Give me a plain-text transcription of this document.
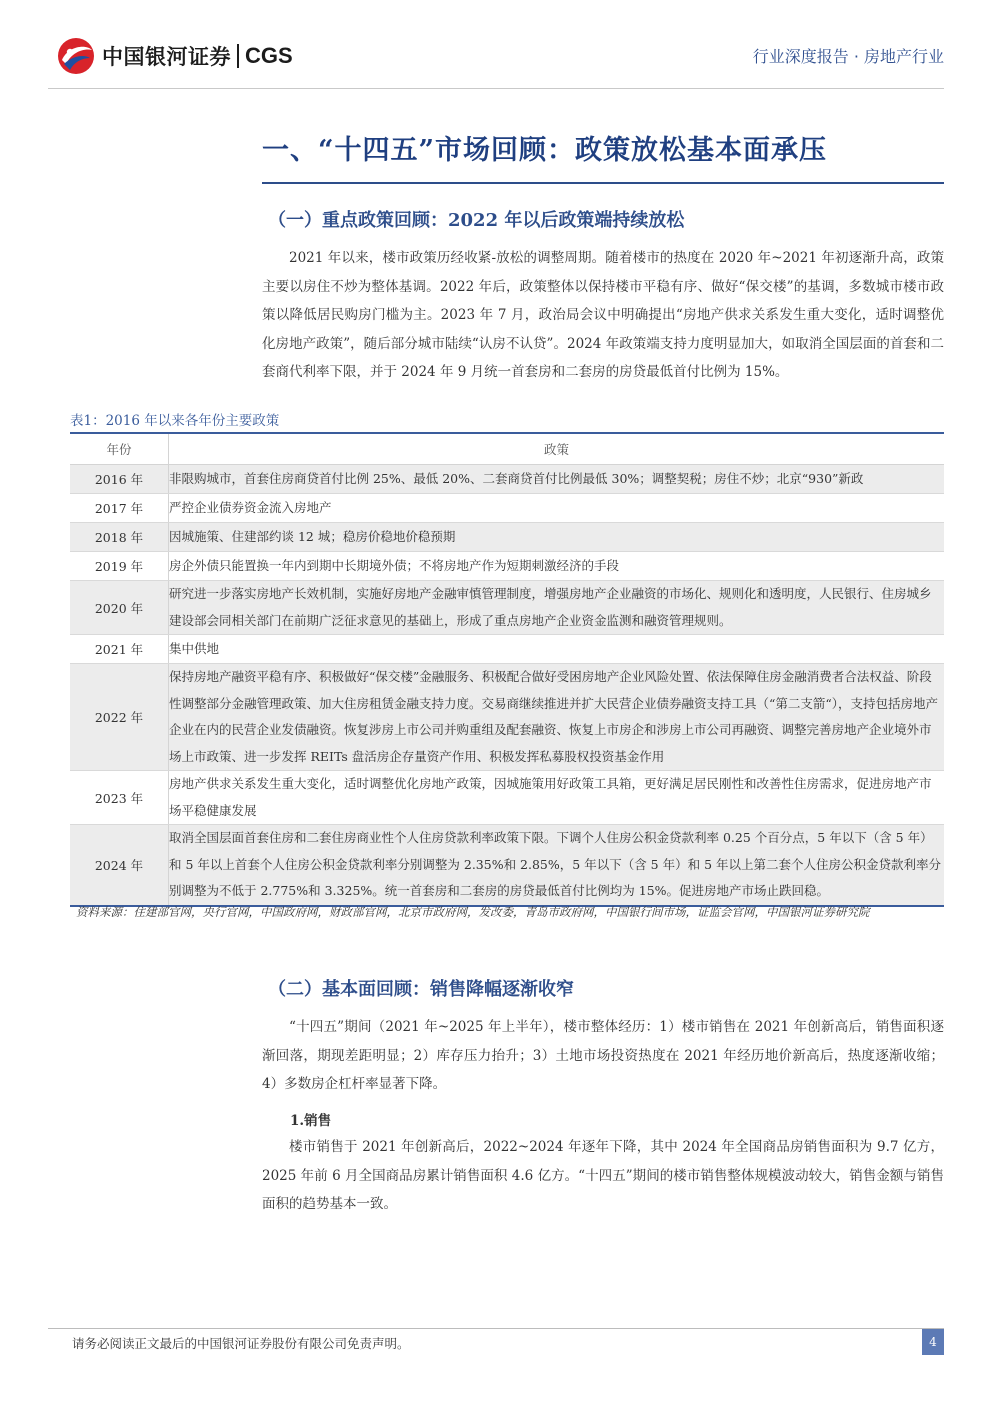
中国银河证券 CGS	行业深度报告 · 房地产行业
一、“十四五”市场回顾：政策放松基本面承压
（一）重点政策回顾：2022 年以后政策端持续放松

2021 年以来，楼市政策历经收紧-放松的调整周期。随着楼市的热度在 2020 年~2021 年初逐渐升高，政策主要以房住不炒为整体基调。2022 年后，政策整体以保持楼市平稳有序、做好“保交楼”的基调，多数城市楼市政策以降低居民购房门槛为主。2023 年 7 月，政治局会议中明确提出“房地产供求关系发生重大变化，适时调整优化房地产政策”，随后部分城市陆续“认房不认贷”。2024 年政策端支持力度明显加大，如取消全国层面的首套和二套商代利率下限，并于 2024 年 9 月统一首套房和二套房的房贷最低首付比例为 15%。

表1：2016 年以来各年份主要政策
年份	政策
2016 年	非限购城市，首套住房商贷首付比例 25%、最低 20%、二套商贷首付比例最低 30%；调整契税；房住不炒；北京“930”新政
2017 年	严控企业债券资金流入房地产
2018 年	因城施策、住建部约谈 12 城；稳房价稳地价稳预期
2019 年	房企外债只能置换一年内到期中长期境外债；不将房地产作为短期刺激经济的手段
2020 年	研究进一步落实房地产长效机制，实施好房地产金融审慎管理制度，增强房地产企业融资的市场化、规则化和透明度，人民银行、住房城乡建设部会同相关部门在前期广泛征求意见的基础上，形成了重点房地产企业资金监测和融资管理规则。
2021 年	集中供地
2022 年	保持房地产融资平稳有序、积极做好“保交楼”金融服务、积极配合做好受困房地产企业风险处置、依法保障住房金融消费者合法权益、阶段性调整部分金融管理政策、加大住房租赁金融支持力度。交易商继续推进并扩大民营企业债券融资支持工具（“第二支箭“），支持包括房地产企业在内的民营企业发债融资。恢复涉房上市公司并购重组及配套融资、恢复上市房企和涉房上市公司再融资、调整完善房地产企业境外市场上市政策、进一步发挥 REITs 盘活房企存量资产作用、积极发挥私募股权投资基金作用
2023 年	房地产供求关系发生重大变化，适时调整优化房地产政策，因城施策用好政策工具箱，更好满足居民刚性和改善性住房需求，促进房地产市场平稳健康发展
2024 年	取消全国层面首套住房和二套住房商业性个人住房贷款利率政策下限。下调个人住房公积金贷款利率 0.25 个百分点，5 年以下（含 5 年）和 5 年以上首套个人住房公积金贷款利率分别调整为 2.35%和 2.85%，5 年以下（含 5 年）和 5 年以上第二套个人住房公积金贷款利率分别调整为不低于 2.775%和 3.325%。统一首套房和二套房的房贷最低首付比例均为 15%。促进房地产市场止跌回稳。
资料来源：住建部官网，央行官网，中国政府网，财政部官网，北京市政府网，发改委，青岛市政府网，中国银行间市场，证监会官网，中国银河证券研究院
（二）基本面回顾：销售降幅逐渐收窄

“十四五”期间（2021 年~2025 年上半年），楼市整体经历：1）楼市销售在 2021 年创新高后，销售面积逐渐回落，期现差距明显；2）库存压力抬升；3）土地市场投资热度在 2021 年经历地价新高后，热度逐渐收缩；4）多数房企杠杆率显著下降。

1.销售

楼市销售于 2021 年创新高后，2022~2024 年逐年下降，其中 2024 年全国商品房销售面积为 9.7 亿方，2025 年前 6 月全国商品房累计销售面积 4.6 亿方。“十四五”期间的楼市销售整体规模波动较大，销售金额与销售面积的趋势基本一致。

请务必阅读正文最后的中国银河证券股份有限公司免责声明。	4
